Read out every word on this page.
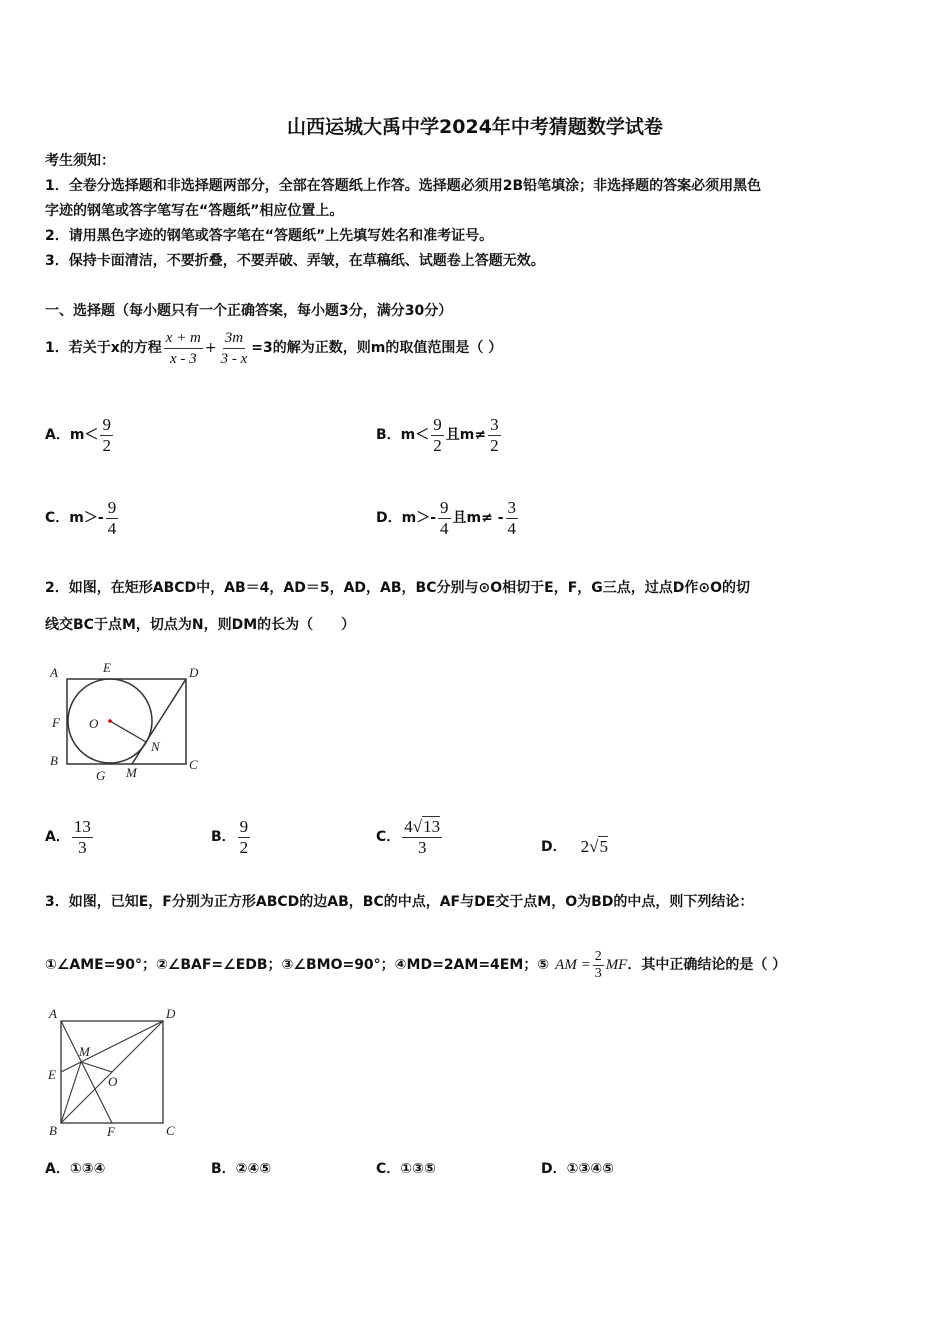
山西运城大禹中学2024年中考猜题数学试卷
考生须知：
1．全卷分选择题和非选择题两部分，全部在答题纸上作答。选择题必须用2B铅笔填涂；非选择题的答案必须用黑色
字迹的钢笔或答字笔写在“答题纸”相应位置上。
2．请用黑色字迹的钢笔或答字笔在“答题纸”上先填写姓名和准考证号。
3．保持卡面清洁，不要折叠，不要弄破、弄皱，在草稿纸、试题卷上答题无效。
一、选择题（每小题只有一个正确答案，每小题3分，满分30分）
1．若关于x的方程 $\frac{x + m}{x - 3} + \frac{3m}{3 - x} =3$的解为正数，则m的取值范围是（ ）
A．$m< \frac{9}{2}$	B．$m< \frac{9}{2}$ 且$m\ne \frac{3}{2}$
C．$m>- \frac{9}{4}$	D．$m>- \frac{9}{4}$ 且$m\ne - \frac{3}{4}$
2．如图，在矩形ABCD中，AB＝4，AD＝5，AD，AB，BC分别与⊙O相切于E，F，G三点，过点D作⊙O的切
线交BC于点M，切点为N，则DM的长为（　　）
A	E	D
F O
N
B
G M
C
A． $\frac{13}{3}$	B． $\frac{9}{2}$	C． $\frac{4√13}{3}$	D． 2√5
3．如图，已知E，F分别为正方形ABCD的边AB，BC的中点，AF与DE交于点M，O为BD的中点，则下列结论：
①∠AME=90°；②∠BAF=∠EDB；③∠BMO=90°；④MD=2AM=4EM；⑤ AM = $\frac{2}{3}$ MF ．其中正确结论的是（ ）
A	D
M
E	O
B	F	C
A．①③④	B．②④⑤	C．①③⑤	D．①③④⑤
